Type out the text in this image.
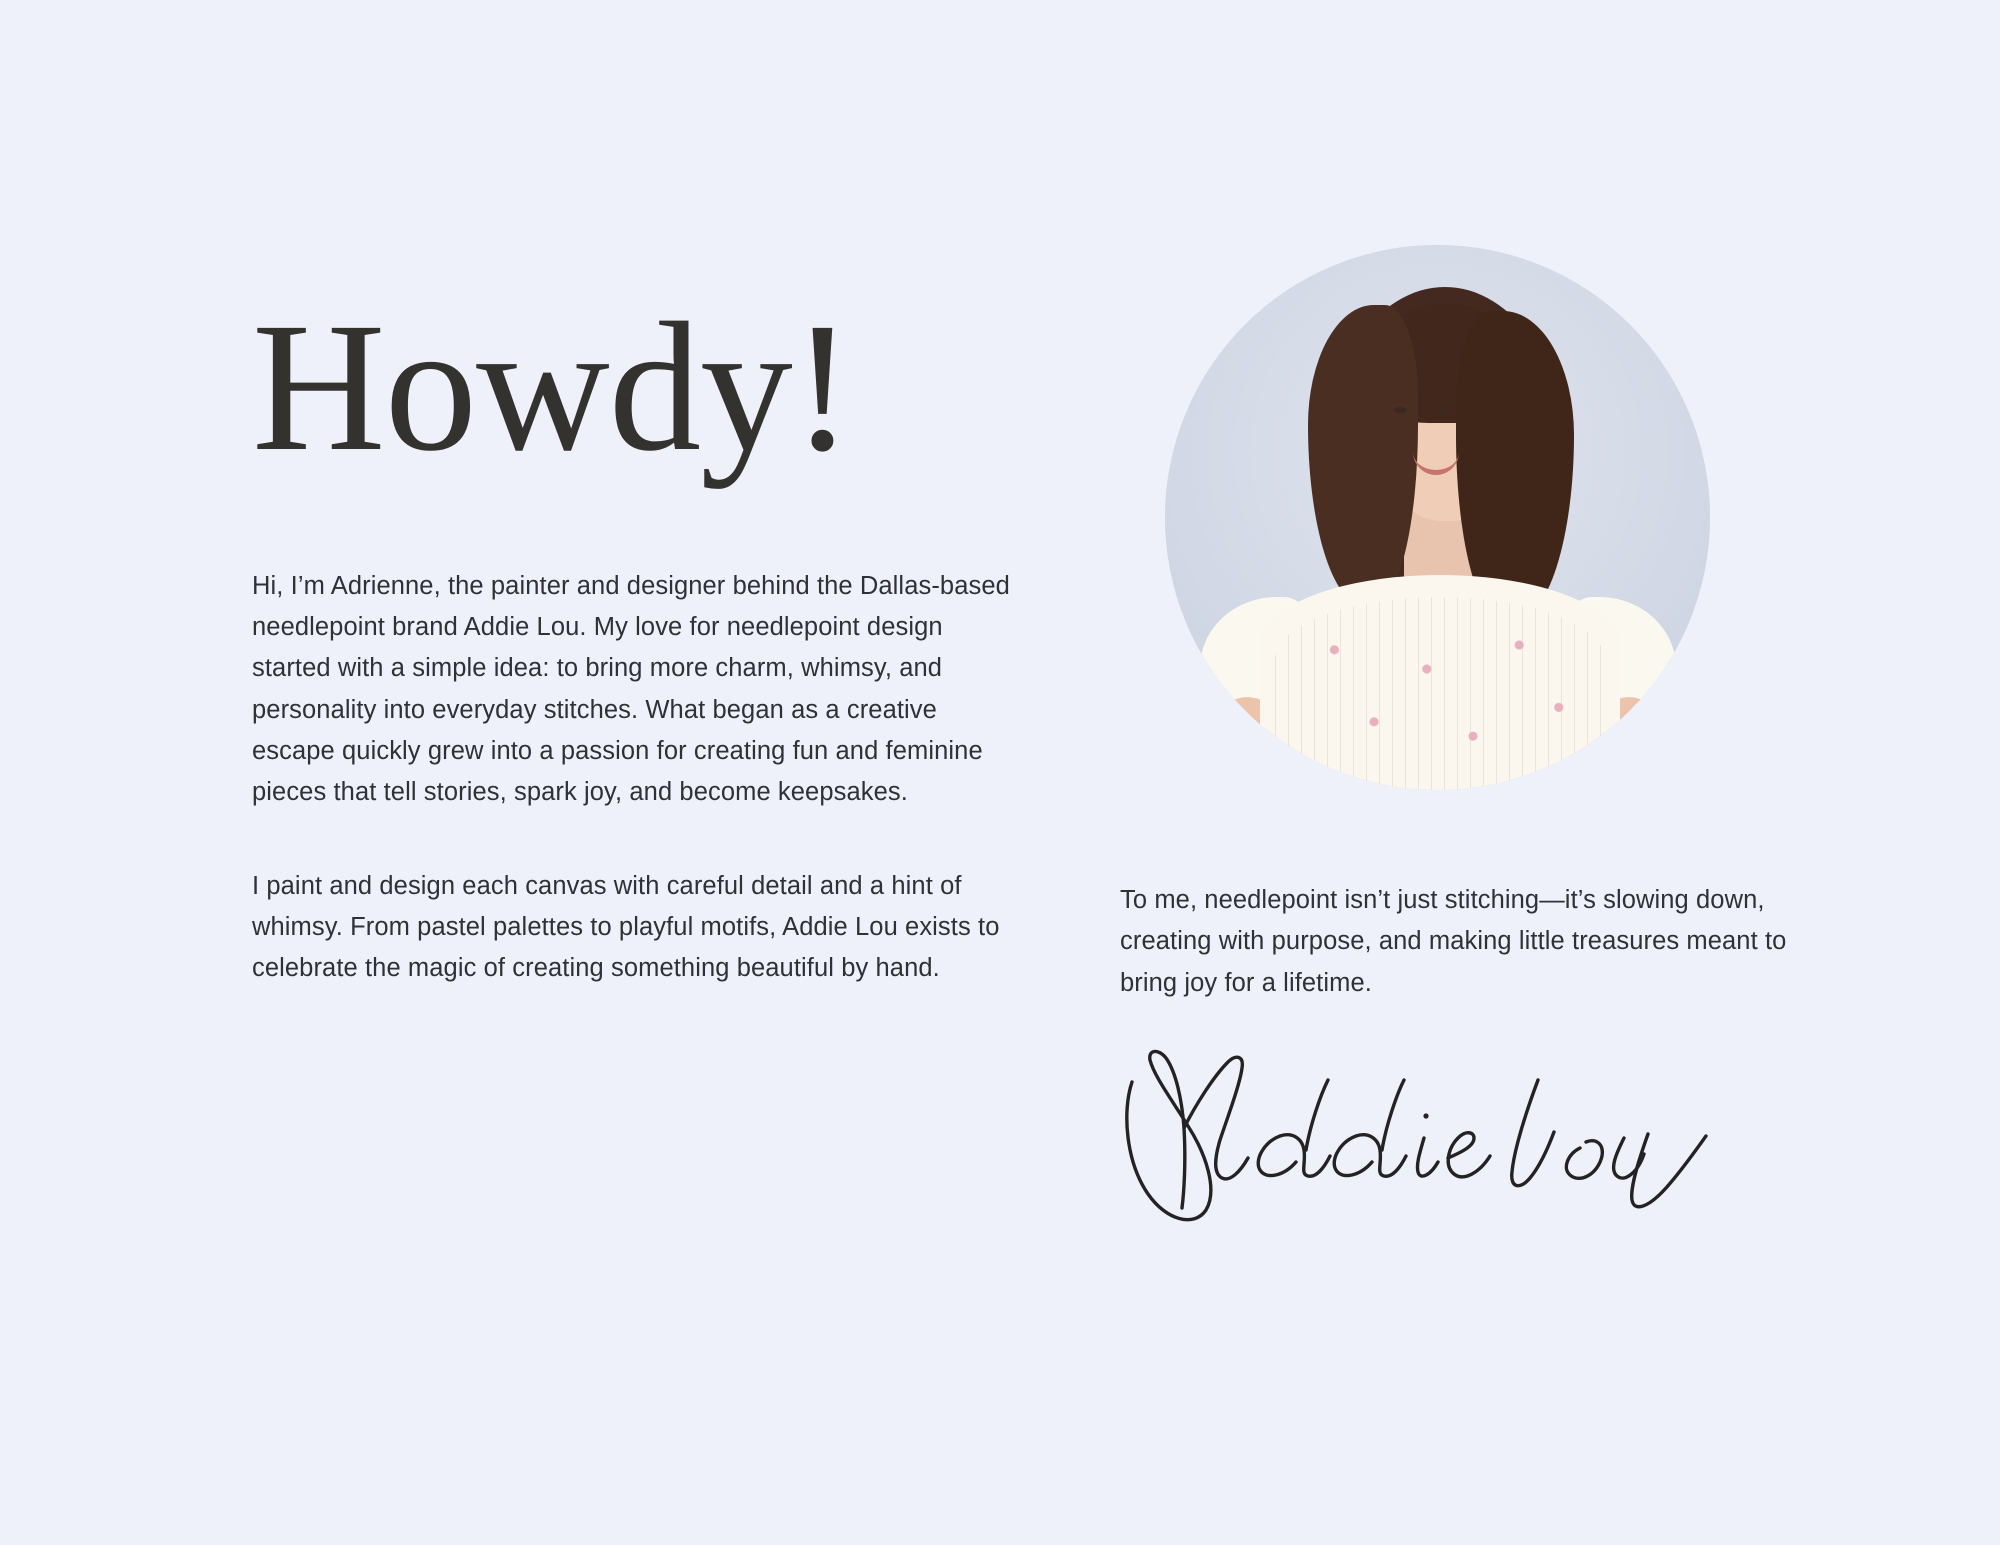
Howdy!

Hi, I’m Adrienne, the painter and designer behind the Dallas-based needlepoint brand Addie Lou. My love for needlepoint design started with a simple idea: to bring more charm, whimsy, and personality into everyday stitches. What began as a creative escape quickly grew into a passion for creating fun and feminine pieces that tell stories, spark joy, and become keepsakes.

I paint and design each canvas with careful detail and a hint of whimsy. From pastel palettes to playful motifs, Addie Lou exists to celebrate the magic of creating something beautiful by hand.

To me, needlepoint isn’t just stitching—it’s slowing down, creating with purpose, and making little treasures meant to bring joy for a lifetime.
